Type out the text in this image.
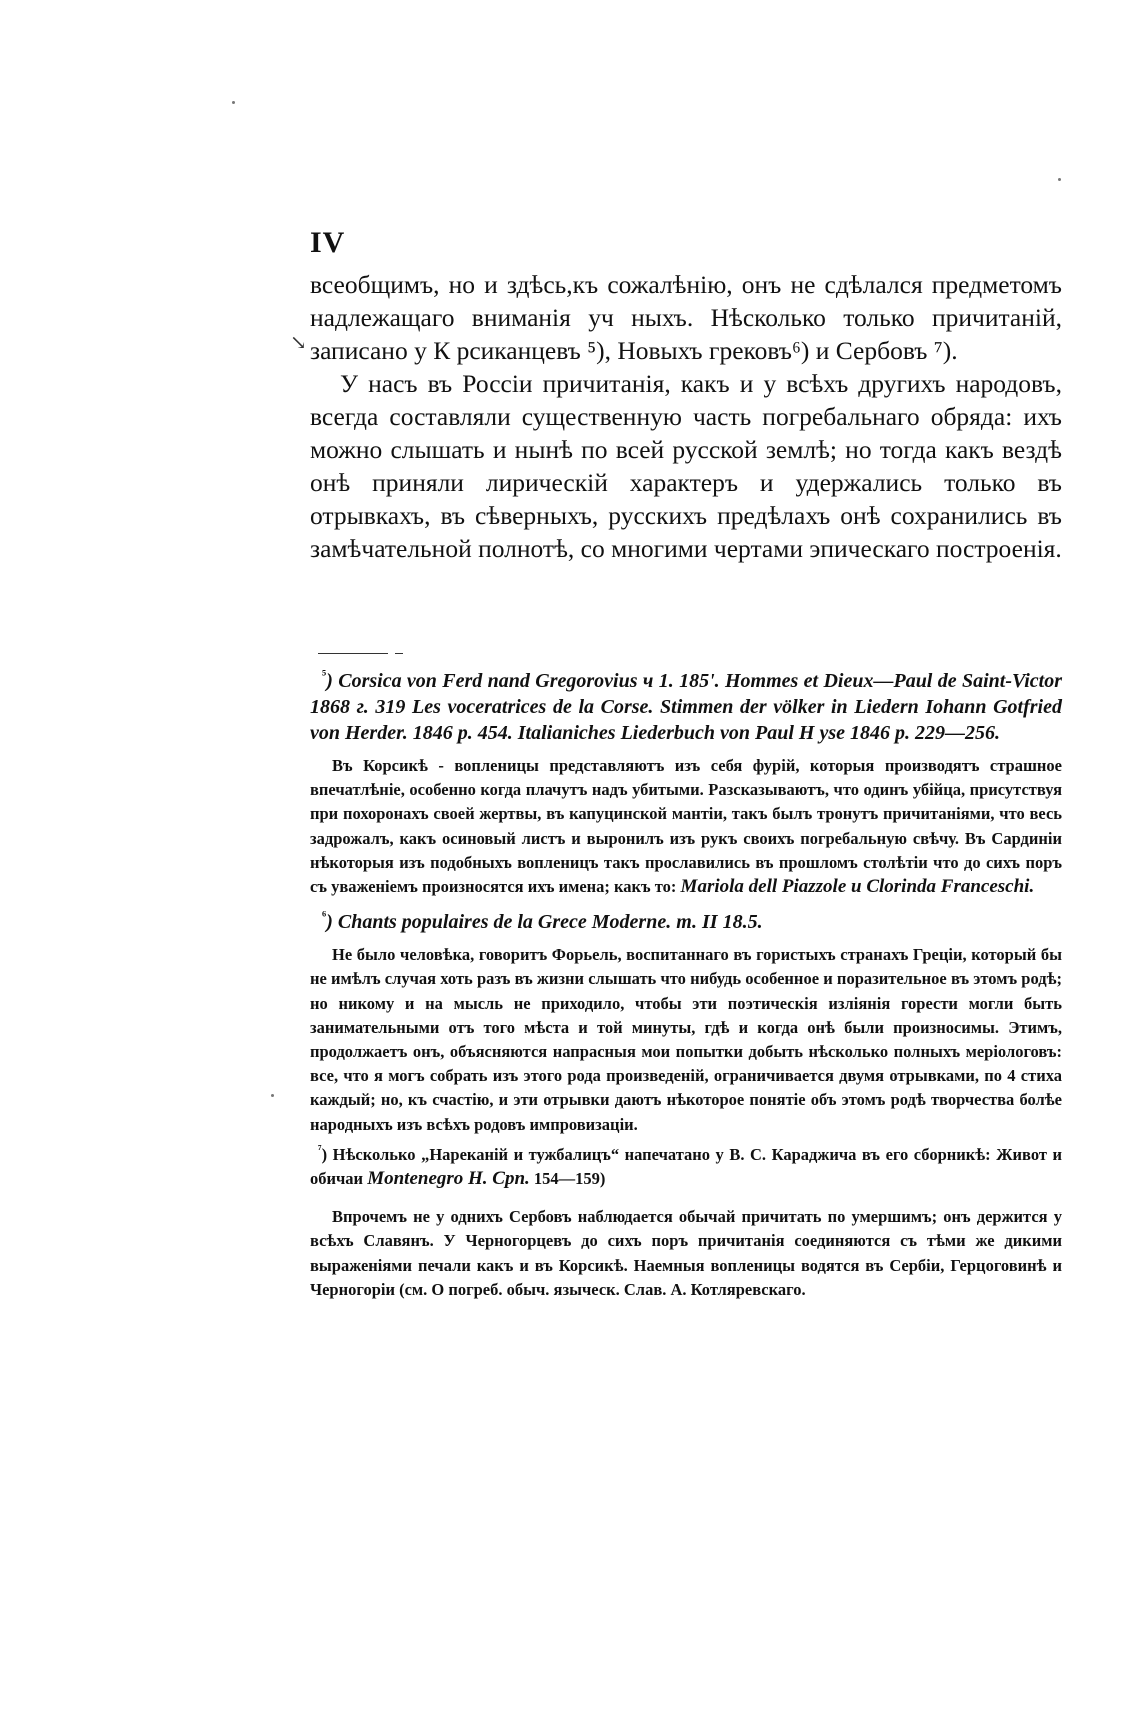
IV
↘

всеобщимъ, но и здѣсь,къ сожалѣнію, онъ не сдѣлался предметомъ надлежащаго вниманія уч ныхъ. Нѣсколько только причитаній, записано у К рсиканцевъ ⁵), Новыхъ грековъ⁶) и Сербовъ ⁷).

У насъ въ Россіи причитанія, какъ и у всѣхъ другихъ народовъ, всегда составляли существенную часть погребальнаго обряда: ихъ можно слышать и нынѣ по всей русской землѣ; но тогда какъ вездѣ онѣ приняли лирическій характеръ и удержались только въ отрывкахъ, въ сѣверныхъ, русскихъ предѣлахъ онѣ сохранились въ замѣчательной полнотѣ, со многими чертами эпическаго построенія.

$^{^5}$) Corsica von Ferd nand Gregorovius ч 1. 185'. Hommes et Dieux—Paul de Saint-Victor 1868 г. 319 Les voceratrices de la Corse. Stimmen der völker in Liedern Iohann Gotfried von Herder. 1846 p. 454. Italianiches Liederbuch von Paul H yse 1846 p. 229—256.

Въ Корсикѣ - вопленицы представляютъ изъ себя фурій, которыя производятъ страшное впечатлѣніе, особенно когда плачутъ надъ убитыми. Разсказываютъ, что одинъ убійца, присутствуя при похоронахъ своей жертвы, въ капуцинской мантіи, такъ былъ тронутъ причитаніями, что весь задрожалъ, какъ осиновый листъ и выронилъ изъ рукъ своихъ погребальную свѣчу. Въ Сардиніи нѣкоторыя изъ подобныхъ вопленицъ такъ прославились въ прошломъ столѣтіи что до сихъ поръ съ уваженіемъ произносятся ихъ имена; какъ то: Mariola dell Piazzole и Clorinda Franceschi.

$^{^6}$) Chants populaires de la Grece Moderne. т. II 18.5.

Не было человѣка, говоритъ Форьель, воспитаннаго въ гористыхъ странахъ Греціи, который бы не имѣлъ случая хоть разъ въ жизни слышать что нибудь особенное и поразительное въ этомъ родѣ; но никому и на мысль не приходило, чтобы эти поэтическія изліянія горести могли быть занимательными отъ того мѣста и той минуты, гдѣ и когда онѣ были произносимы. Этимъ, продолжаетъ онъ, объясняются напрасныя мои попытки добыть нѣсколько полныхъ меріологовъ: все, что я могъ собрать изъ этого рода произведеній, ограничивается двумя отрывками, по 4 стиха каждый; но, къ счастію, и эти отрывки даютъ нѣкоторое понятіе объ этомъ родѣ творчества болѣе народныхъ изъ всѣхъ родовъ импровизаціи.

$^{^7}$) Нѣсколько „Нареканій и тужбалицъ“ напечатано у В. С. Караджича въ его сборникѣ: Живот и обичаи Montenegro H. Срп. 154—159)

Впрочемъ не у однихъ Сербовъ наблюдается обычай причитать по умершимъ; онъ держится у всѣхъ Славянъ. У Черногорцевъ до сихъ поръ причитанія соединяются съ тѣми же дикими выраженіями печали какъ и въ Корсикѣ. Наемныя вопленицы водятся въ Сербіи, Герцоговинѣ и Черногоріи (см. О погреб. обыч. языческ. Слав. А. Котляревскаго.
